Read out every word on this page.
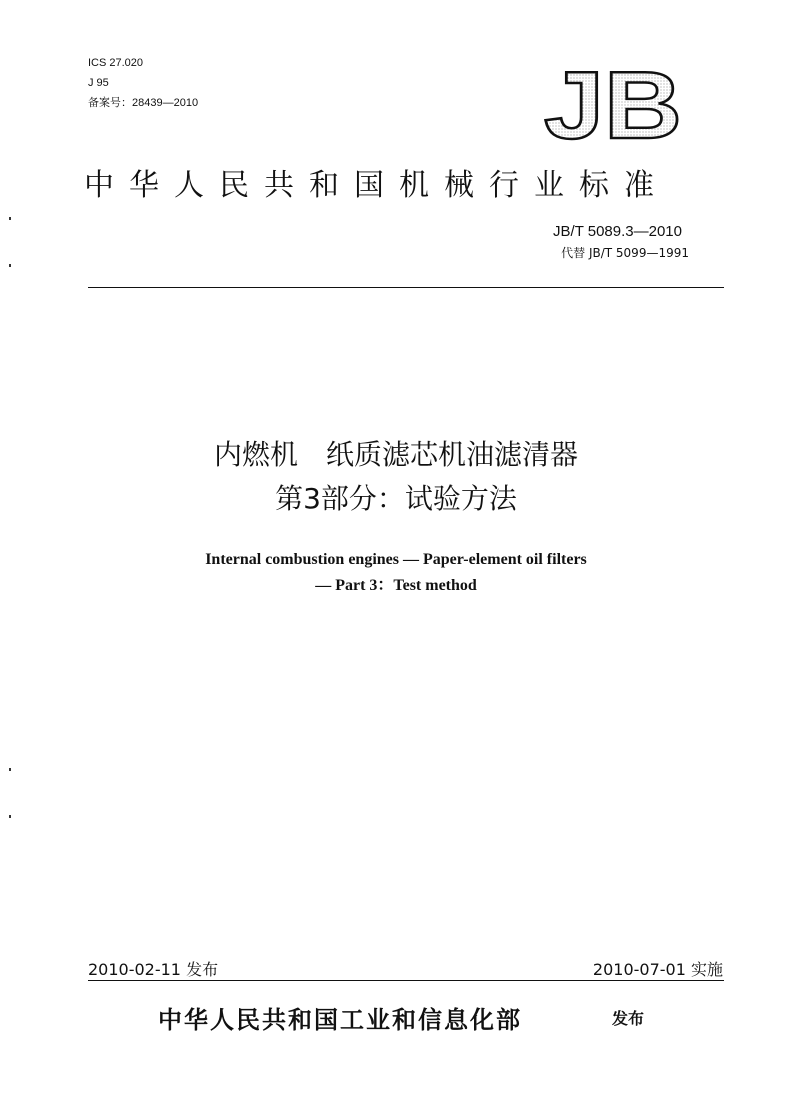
ICS 27.020
J 95
备案号：28439—2010	JB
中华人民共和国机械行业标准
JB/T 5089.3—2010
代替 JB/T 5099—1991
内燃机　纸质滤芯机油滤清器
第3部分：试验方法
Internal combustion engines — Paper-element oil filters
— Part 3：Test method
2010-02-11 发布	2010-07-01 实施
中华人民共和国工业和信息化部	发布
